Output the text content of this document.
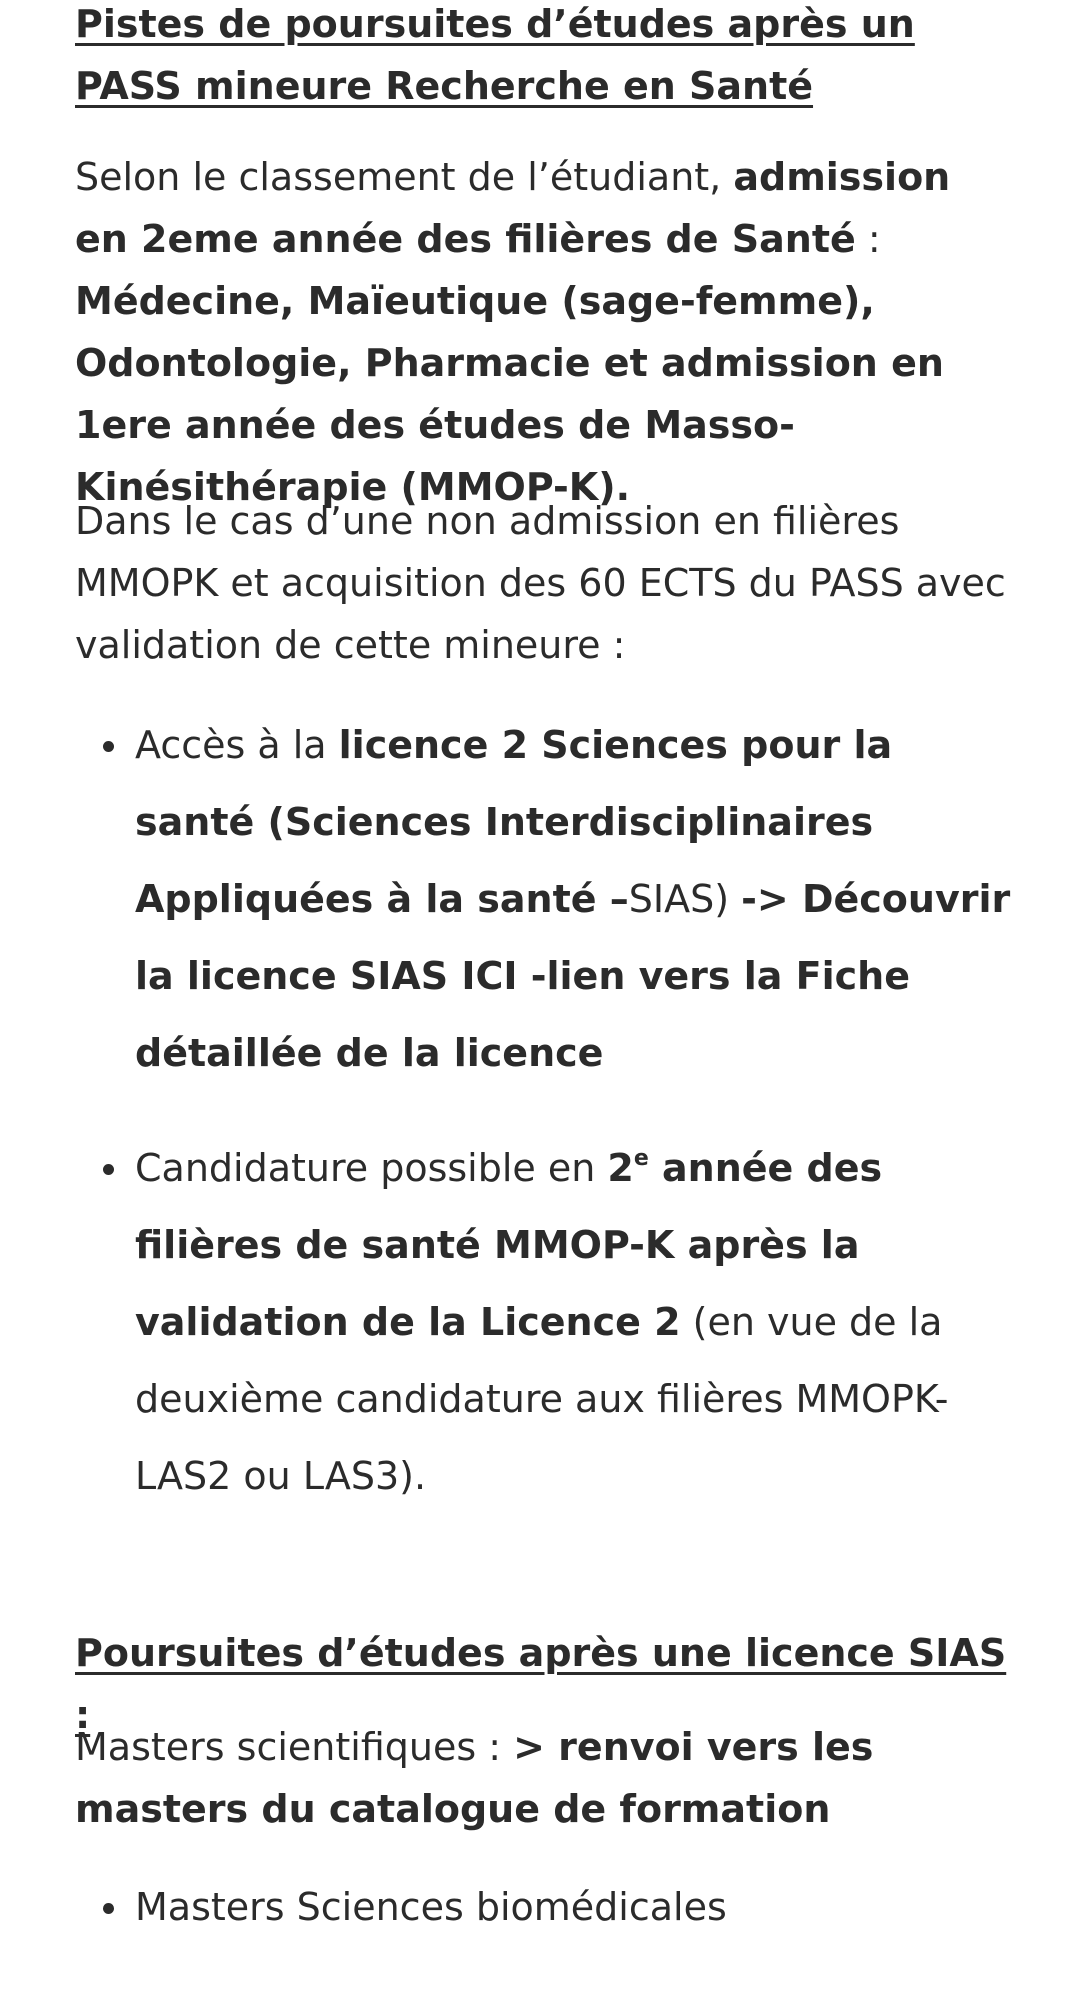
Pistes de poursuites d’études après un PASS mineure Recherche en Santé

Selon le classement de l’étudiant, admission en 2eme année des filières de Santé : Médecine, Maïeutique (sage-femme), Odontologie, Pharmacie et admission en 1ere année des études de Masso- Kinésithérapie (MMOP-K).

Dans le cas d’une non admission en filières MMOPK et acquisition des 60 ECTS du PASS avec validation de cette mineure :

Accès à la licence 2 Sciences pour la santé (Sciences Interdisciplinaires Appliquées à la santé –SIAS) -> Découvrir la licence SIAS ICI -lien vers la Fiche détaillée de la licence
Candidature possible en 2e année des filières de santé MMOP-K après la validation de la Licence 2 (en vue de la deuxième candidature aux filières MMOPK-LAS2 ou LAS3).
Poursuites d’études après une licence SIAS :

Masters scientifiques : > renvoi vers les masters du catalogue de formation

Masters Sciences biomédicales
